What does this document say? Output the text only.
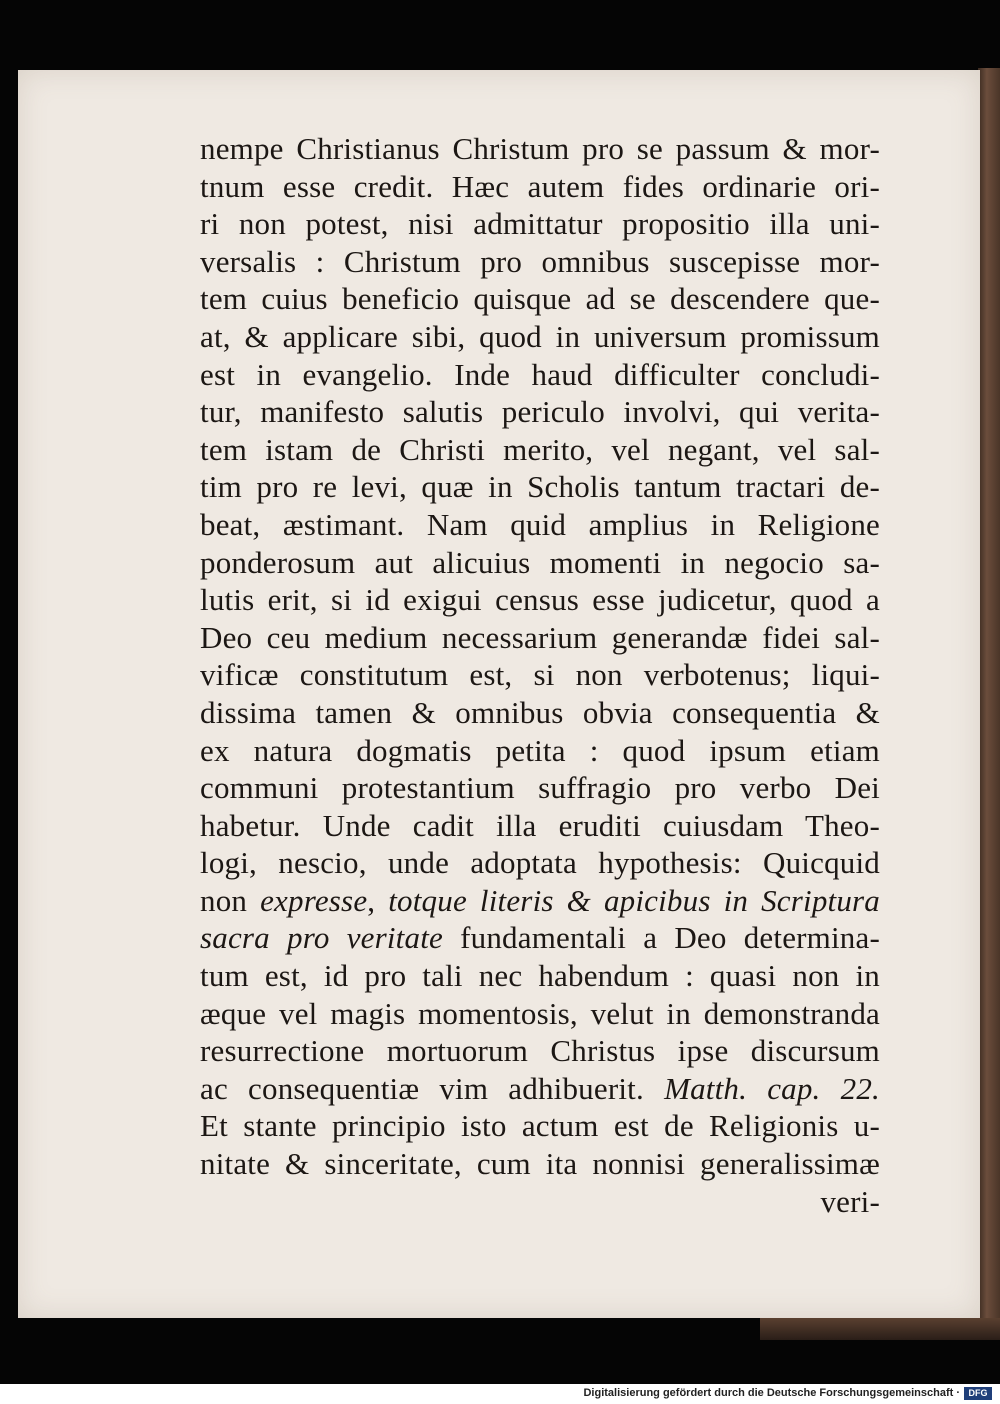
nempe Christianus Christum pro se passum & mor-
tnum esse credit. Hæc autem fides ordinarie ori-
ri non potest, nisi admittatur propositio illa uni-
versalis : Christum pro omnibus suscepisse mor-
tem cuius beneficio quisque ad se descendere que-
at, & applicare sibi, quod in universum promissum
est in evangelio. Inde haud difficulter concludi-
tur, manifesto salutis periculo involvi, qui verita-
tem istam de Christi merito, vel negant, vel sal-
tim pro re levi, quæ in Scholis tantum tractari de-
beat, æstimant. Nam quid amplius in Religione
ponderosum aut alicuius momenti in negocio sa-
lutis erit, si id exigui census esse judicetur, quod a
Deo ceu medium necessarium generandæ fidei sal-
vificæ constitutum est, si non verbotenus; liqui-
dissima tamen & omnibus obvia consequentia &
ex natura dogmatis petita : quod ipsum etiam
communi protestantium suffragio pro verbo Dei
habetur. Unde cadit illa eruditi cuiusdam Theo-
logi, nescio, unde adoptata hypothesis: Quicquid
non expresse, totque literis & apicibus in Scriptura
sacra pro veritate fundamentali a Deo determina-
tum est, id pro tali nec habendum : quasi non in
æque vel magis momentosis, velut in demonstranda
resurrectione mortuorum Christus ipse discursum
ac consequentiæ vim adhibuerit. Matth. cap. 22.
Et stante principio isto actum est de Religionis u-
nitate & sinceritate, cum ita nonnisi generalissimæ
veri-
Digitalisierung gefördert durch die Deutsche Forschungsgemeinschaft · DFG
